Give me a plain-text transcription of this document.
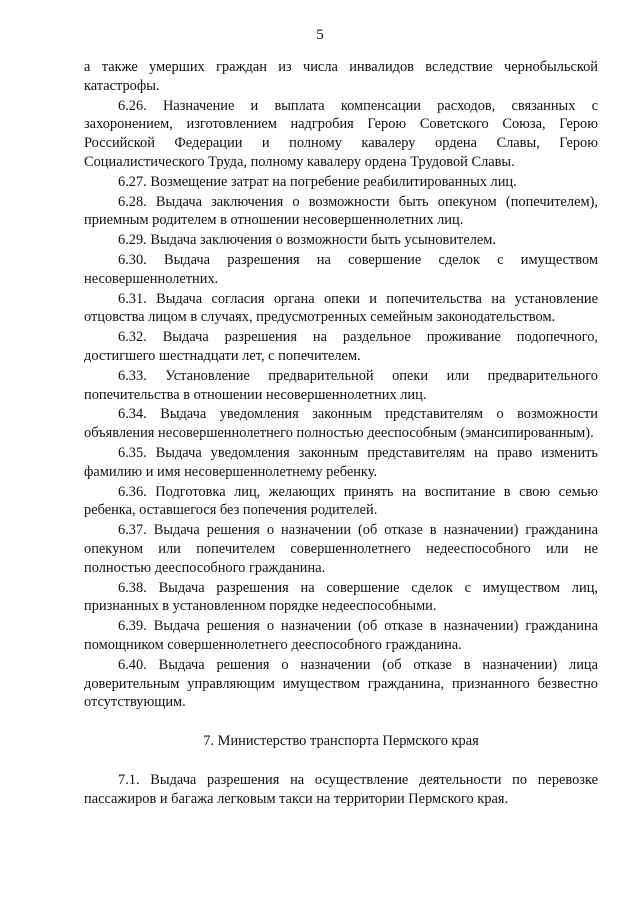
5

а также умерших граждан из числа инвалидов вследствие чернобыльской катастрофы.

6.26. Назначение и выплата компенсации расходов, связанных с захоронением, изготовлением надгробия Герою Советского Союза, Герою Российской Федерации и полному кавалеру ордена Славы, Герою Социалистического Труда, полному кавалеру ордена Трудовой Славы.

6.27. Возмещение затрат на погребение реабилитированных лиц.

6.28. Выдача заключения о возможности быть опекуном (попечителем), приемным родителем в отношении несовершеннолетних лиц.

6.29. Выдача заключения о возможности быть усыновителем.

6.30. Выдача разрешения на совершение сделок с имуществом несовершеннолетних.

6.31. Выдача согласия органа опеки и попечительства на установление отцовства лицом в случаях, предусмотренных семейным законодательством.

6.32. Выдача разрешения на раздельное проживание подопечного, достигшего шестнадцати лет, с попечителем.

6.33. Установление предварительной опеки или предварительного попечительства в отношении несовершеннолетних лиц.

6.34. Выдача уведомления законным представителям о возможности объявления несовершеннолетнего полностью дееспособным (эмансипированным).

6.35. Выдача уведомления законным представителям на право изменить фамилию и имя несовершеннолетнему ребенку.

6.36. Подготовка лиц, желающих принять на воспитание в свою семью ребенка, оставшегося без попечения родителей.

6.37. Выдача решения о назначении (об отказе в назначении) гражданина опекуном или попечителем совершеннолетнего недееспособного или не полностью дееспособного гражданина.

6.38. Выдача разрешения на совершение сделок с имуществом лиц, признанных в установленном порядке недееспособными.

6.39. Выдача решения о назначении (об отказе в назначении) гражданина помощником совершеннолетнего дееспособного гражданина.

6.40. Выдача решения о назначении (об отказе в назначении) лица доверительным управляющим имуществом гражданина, признанного безвестно отсутствующим.

7. Министерство транспорта Пермского края

7.1. Выдача разрешения на осуществление деятельности по перевозке пассажиров и багажа легковым такси на территории Пермского края.
